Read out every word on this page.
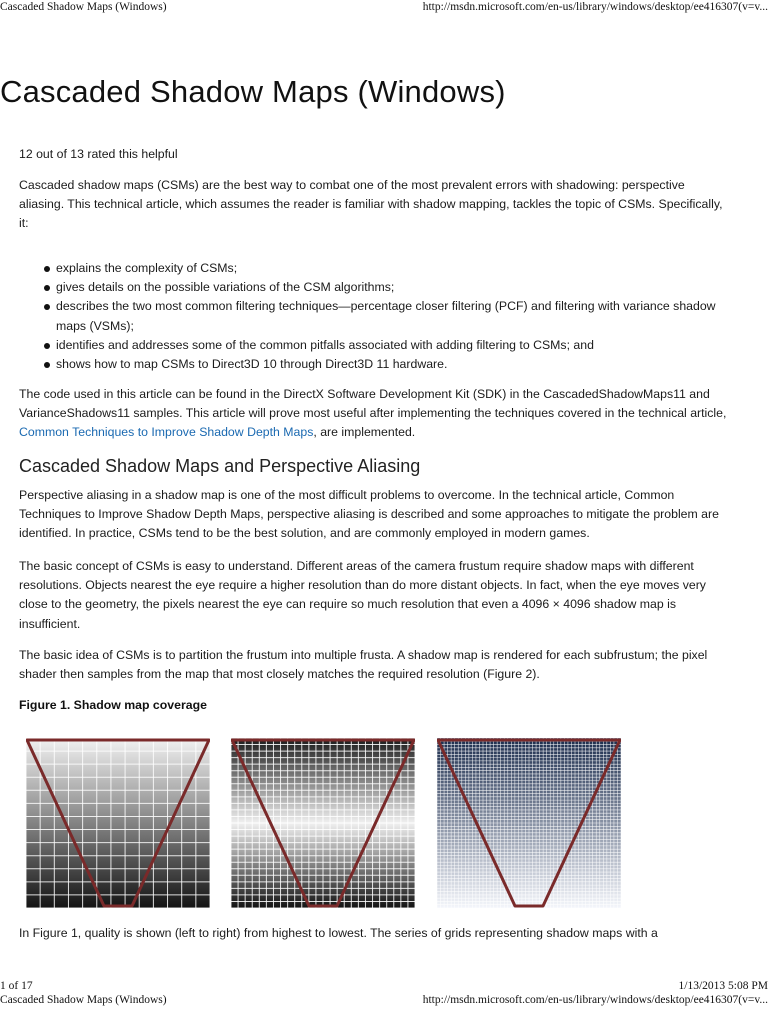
Cascaded Shadow Maps (Windows)	http://msdn.microsoft.com/en-us/library/windows/desktop/ee416307(v=v...
Cascaded Shadow Maps (Windows)
12 out of 13 rated this helpful

Cascaded shadow maps (CSMs) are the best way to combat one of the most prevalent errors with shadowing: perspective aliasing. This technical article, which assumes the reader is familiar with shadow mapping, tackles the topic of CSMs. Specifically, it:

explains the complexity of CSMs;
gives details on the possible variations of the CSM algorithms;
describes the two most common filtering techniques—percentage closer filtering (PCF) and filtering with variance shadow maps (VSMs);
identifies and addresses some of the common pitfalls associated with adding filtering to CSMs; and
shows how to map CSMs to Direct3D 10 through Direct3D 11 hardware.

The code used in this article can be found in the DirectX Software Development Kit (SDK) in the CascadedShadowMaps11 and VarianceShadows11 samples. This article will prove most useful after implementing the techniques covered in the technical article, Common Techniques to Improve Shadow Depth Maps, are implemented.

Cascaded Shadow Maps and Perspective Aliasing

Perspective aliasing in a shadow map is one of the most difficult problems to overcome. In the technical article, Common Techniques to Improve Shadow Depth Maps, perspective aliasing is described and some approaches to mitigate the problem are identified. In practice, CSMs tend to be the best solution, and are commonly employed in modern games.

The basic concept of CSMs is easy to understand. Different areas of the camera frustum require shadow maps with different resolutions. Objects nearest the eye require a higher resolution than do more distant objects. In fact, when the eye moves very close to the geometry, the pixels nearest the eye can require so much resolution that even a 4096 × 4096 shadow map is insufficient.

The basic idea of CSMs is to partition the frustum into multiple frusta. A shadow map is rendered for each subfrustum; the pixel shader then samples from the map that most closely matches the required resolution (Figure 2).

Figure 1. Shadow map coverage

In Figure 1, quality is shown (left to right) from highest to lowest. The series of grids representing shadow maps with a

1 of 17	1/13/2013 5:08 PM
Cascaded Shadow Maps (Windows)	http://msdn.microsoft.com/en-us/library/windows/desktop/ee416307(v=v...
